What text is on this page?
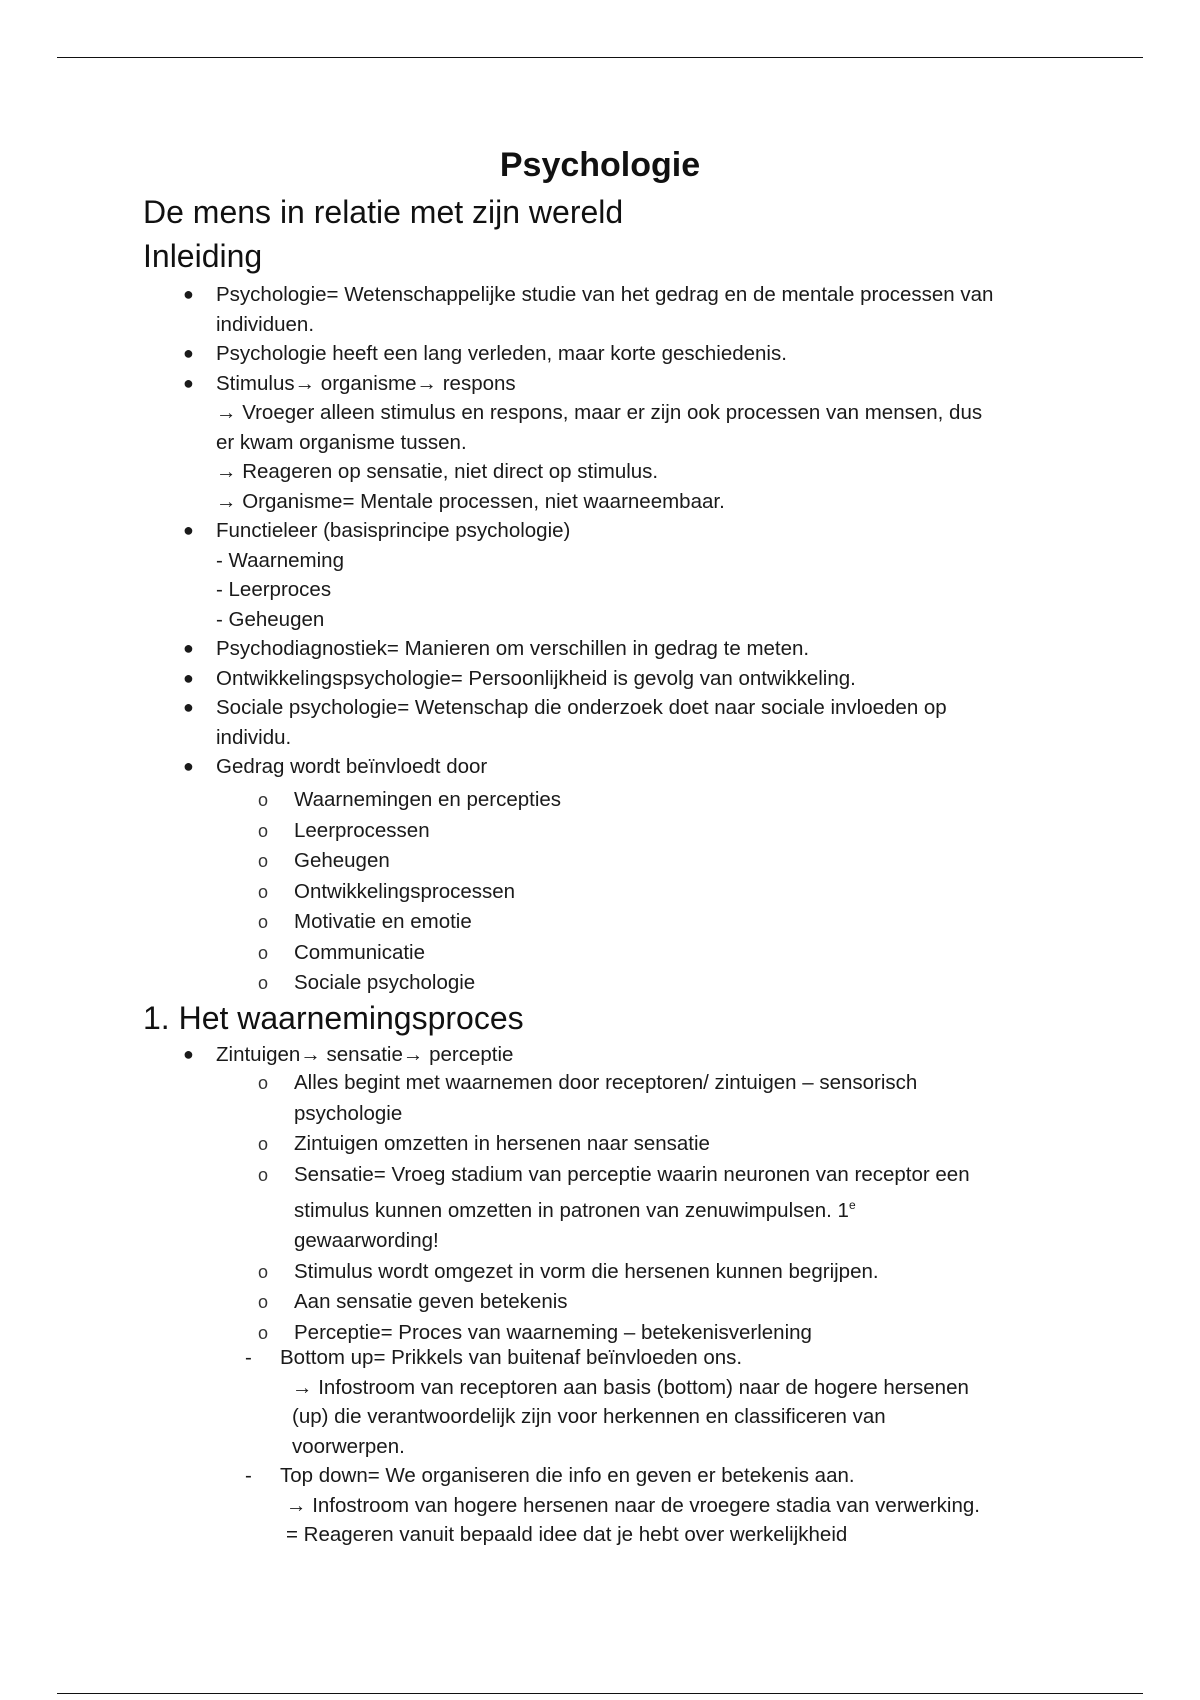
Psychologie
De mens in relatie met zijn wereld
Inleiding
● Psychologie= Wetenschappelijke studie van het gedrag en de mentale processen van
individuen.
● Psychologie heeft een lang verleden, maar korte geschiedenis.
● Stimulus→ organisme→ respons
→ Vroeger alleen stimulus en respons, maar er zijn ook processen van mensen, dus
er kwam organisme tussen.
→ Reageren op sensatie, niet direct op stimulus.
→ Organisme= Mentale processen, niet waarneembaar.
● Functieleer (basisprincipe psychologie)
- Waarneming
- Leerproces
- Geheugen
● Psychodiagnostiek= Manieren om verschillen in gedrag te meten.
● Ontwikkelingspsychologie= Persoonlijkheid is gevolg van ontwikkeling.
● Sociale psychologie= Wetenschap die onderzoek doet naar sociale invloeden op
individu.
● Gedrag wordt beïnvloedt door
o Waarnemingen en percepties
o Leerprocessen
o Geheugen
o Ontwikkelingsprocessen
o Motivatie en emotie
o Communicatie
o Sociale psychologie
1. Het waarnemingsproces
● Zintuigen→ sensatie→ perceptie
o Alles begint met waarnemen door receptoren/ zintuigen – sensorisch
psychologie
o Zintuigen omzetten in hersenen naar sensatie
o Sensatie= Vroeg stadium van perceptie waarin neuronen van receptor een
stimulus kunnen omzetten in patronen van zenuwimpulsen. 1e
gewaarwording!
o Stimulus wordt omgezet in vorm die hersenen kunnen begrijpen.
o Aan sensatie geven betekenis
o Perceptie= Proces van waarneming – betekenisverlening
- Bottom up= Prikkels van buitenaf beïnvloeden ons.
→ Infostroom van receptoren aan basis (bottom) naar de hogere hersenen
(up) die verantwoordelijk zijn voor herkennen en classificeren van
voorwerpen.
- Top down= We organiseren die info en geven er betekenis aan.
→ Infostroom van hogere hersenen naar de vroegere stadia van verwerking.
= Reageren vanuit bepaald idee dat je hebt over werkelijkheid
